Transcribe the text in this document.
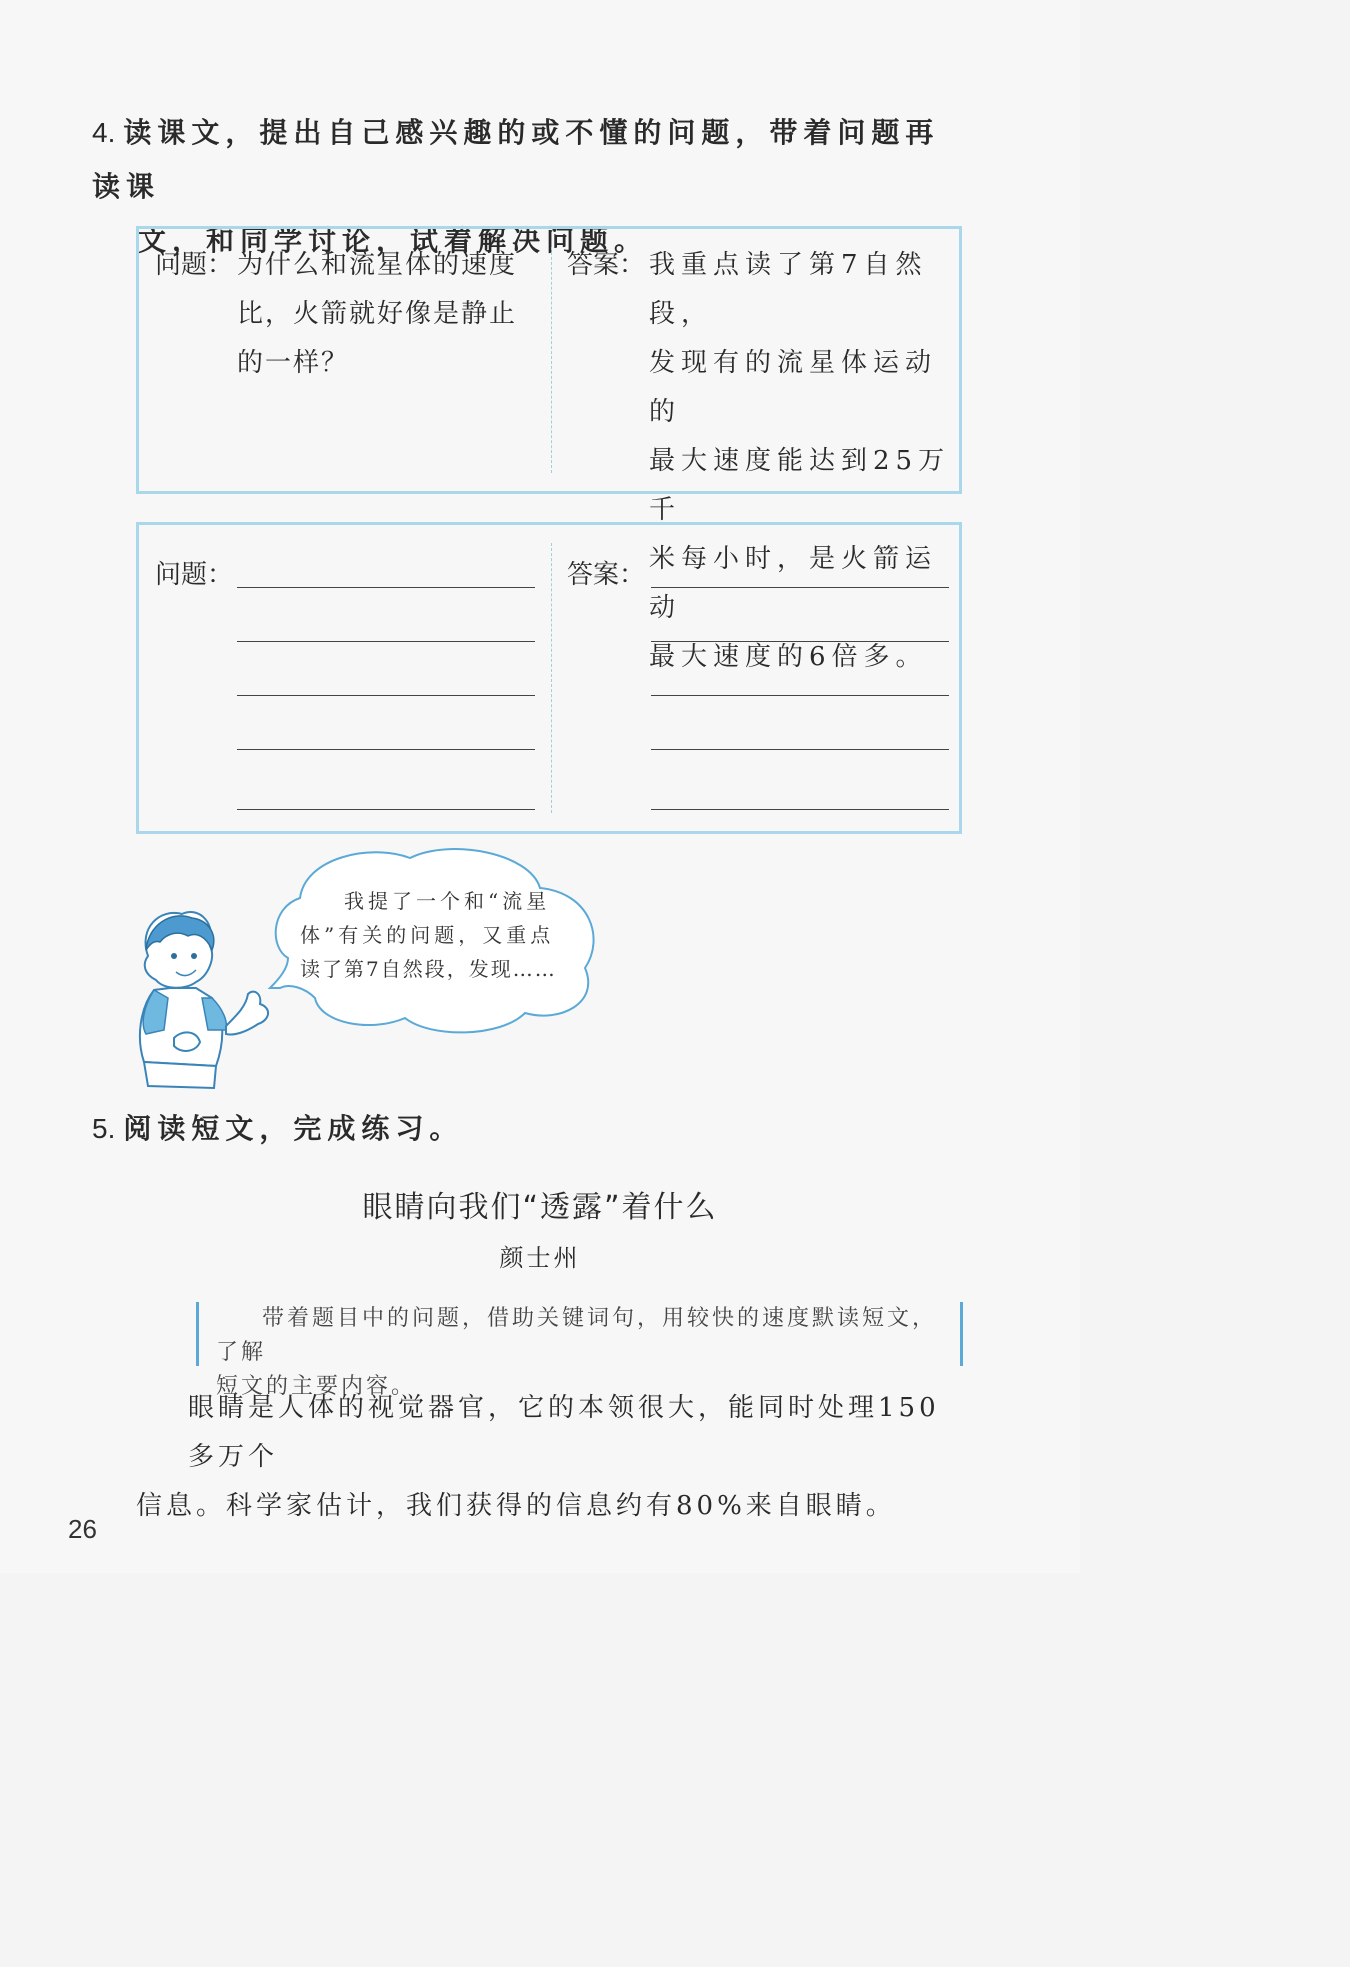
4. 读课文，提出自己感兴趣的或不懂的问题，带着问题再读课
文，和同学讨论，试着解决问题。
问题： 为什么和流星体的速度
比，火箭就好像是静止
的一样？
答案： 我重点读了第7自然段，
发现有的流星体运动的
最大速度能达到25万千
米每小时，是火箭运动
最大速度的6倍多。
问题：	答案：
我提了一个和“流星
体”有关的问题，又重点
读了第7自然段，发现……
5. 阅读短文，完成练习。
眼睛向我们“透露”着什么
颜士州
带着题目中的问题，借助关键词句，用较快的速度默读短文，了解
短文的主要内容。
眼睛是人体的视觉器官，它的本领很大，能同时处理150多万个
信息。科学家估计，我们获得的信息约有80%来自眼睛。
26
